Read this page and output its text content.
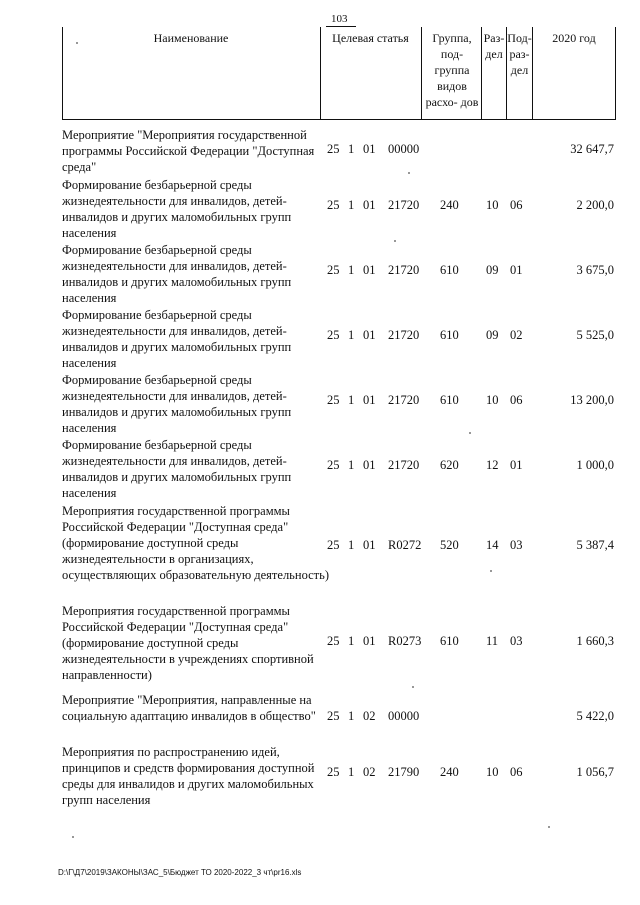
103
Наименование	Целевая статья	Группа, под- группа видов расхо- дов
Раз- дел
Под- раз- дел
2020 год
Мероприятие "Мероприятия государственной программы Российской Федерации "Доступная среда"
25 1 01 00000	32 647,7
Формирование безбарьерной среды жизнедеятельности для инвалидов, детей-инвалидов и других маломобильных групп населения
25 1 01 21720 240 10 06	2 200,0
Формирование безбарьерной среды жизнедеятельности для инвалидов, детей-инвалидов и других маломобильных групп населения
25 1 01 21720 610 09 01	3 675,0
Формирование безбарьерной среды жизнедеятельности для инвалидов, детей-инвалидов и других маломобильных групп населения
25 1 01 21720 610 09 02	5 525,0
Формирование безбарьерной среды жизнедеятельности для инвалидов, детей-инвалидов и других маломобильных групп населения
25 1 01 21720 610 10 06	13 200,0
Формирование безбарьерной среды жизнедеятельности для инвалидов, детей-инвалидов и других маломобильных групп населения
25 1 01 21720 620 12 01	1 000,0
Мероприятия государственной программы Российской Федерации "Доступная среда" (формирование доступной среды жизнедеятельности в организациях, осуществляющих образовательную деятельность)
25 1 01 R0272 520 14 03	5 387,4
Мероприятия государственной программы Российской Федерации "Доступная среда" (формирование доступной среды жизнедеятельности в учреждениях спортивной направленности)
25 1 01 R0273 610 11 03	1 660,3
Мероприятие "Мероприятия, направленные на социальную адаптацию инвалидов в общество" 25 1 02 00000	5 422,0
Мероприятия по распространению идей, принципов и средств формирования доступной среды для инвалидов и других маломобильных групп населения
25 1 02 21790 240 10 06	1 056,7
D:\Г\Д7\2019\ЗАКОНЫ\ЗАС_5\Бюджет ТО 2020-2022_3 чт\pr16.xls
